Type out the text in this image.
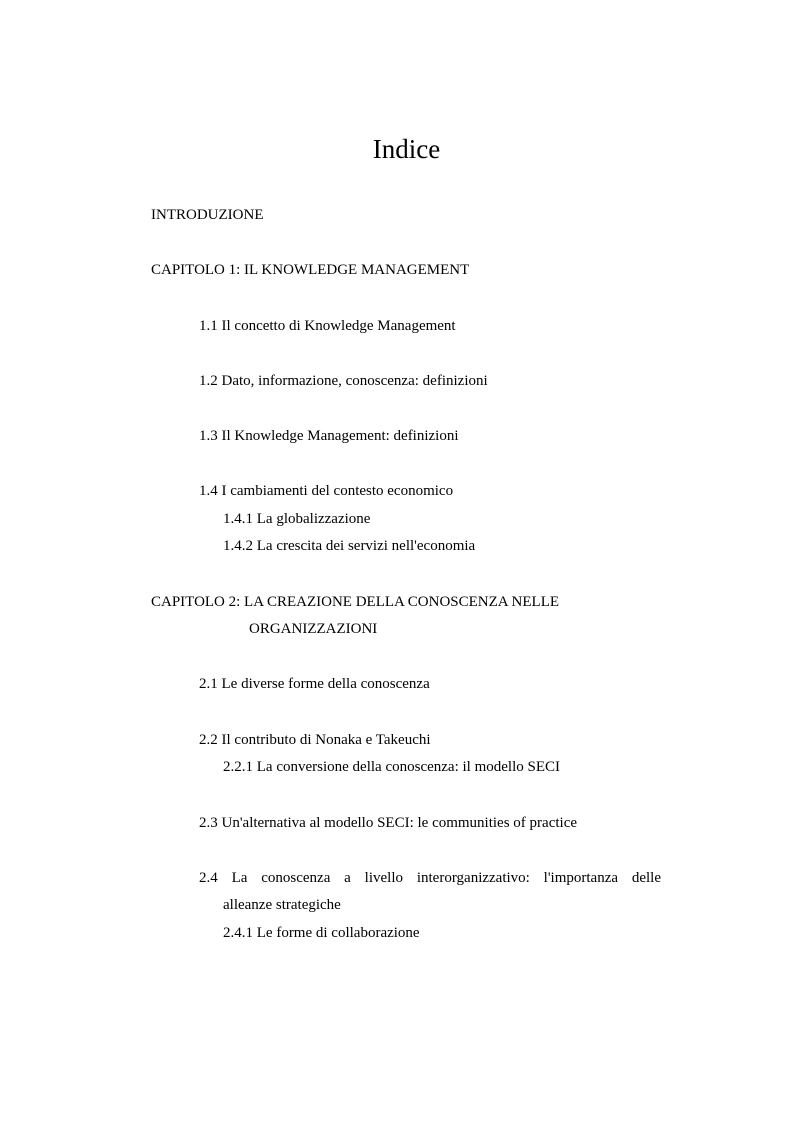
Indice
INTRODUZIONE
CAPITOLO 1: IL KNOWLEDGE MANAGEMENT
1.1 Il concetto di Knowledge Management
1.2 Dato, informazione, conoscenza: definizioni
1.3 Il Knowledge Management: definizioni
1.4 I cambiamenti del contesto economico
1.4.1 La globalizzazione
1.4.2 La crescita dei servizi nell'economia
CAPITOLO 2: LA CREAZIONE DELLA CONOSCENZA NELLE
ORGANIZZAZIONI
2.1 Le diverse forme della conoscenza
2.2 Il contributo di Nonaka e Takeuchi
2.2.1 La conversione della conoscenza: il modello SECI
2.3 Un'alternativa al modello SECI: le communities of practice
2.4 La conoscenza a livello interorganizzativo: l'importanza delle
alleanze strategiche
2.4.1 Le forme di collaborazione
